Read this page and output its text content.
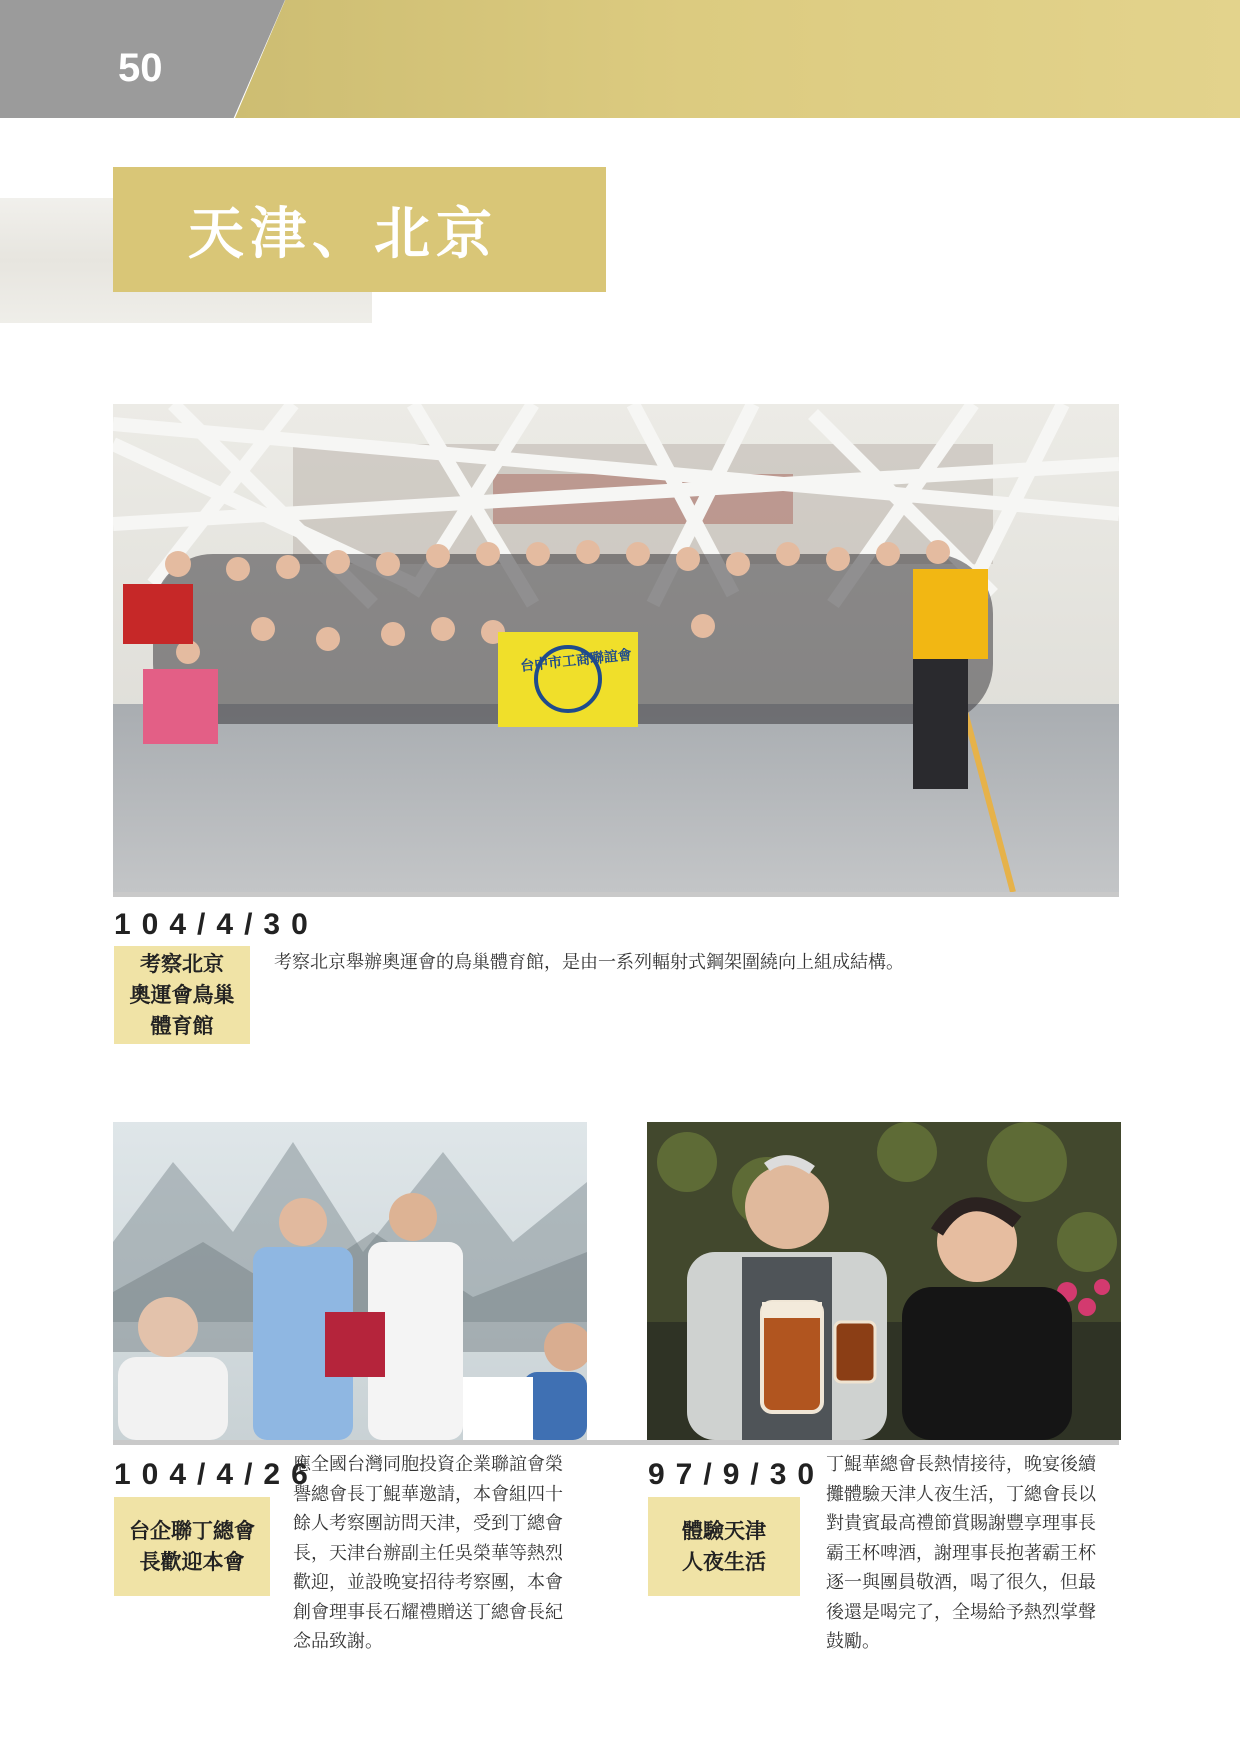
50
天津、北京
104/4/30
考察北京
奧運會鳥巢
體育館
考察北京舉辦奧運會的鳥巢體育館，是由一系列輻射式鋼架圍繞向上組成結構。
104/4/26
台企聯丁總會
長歡迎本會
應全國台灣同胞投資企業聯誼會榮
譽總會長丁鯤華邀請，本會組四十
餘人考察團訪問天津，受到丁總會
長，天津台辦副主任吳榮華等熱烈
歡迎，並設晚宴招待考察團，本會
創會理事長石耀禮贈送丁總會長紀
念品致謝。
97/9/30
體驗天津
人夜生活
丁鯤華總會長熱情接待，晚宴後續
攤體驗天津人夜生活，丁總會長以
對貴賓最高禮節賞賜謝豐享理事長
霸王杯啤酒，謝理事長抱著霸王杯
逐一與團員敬酒，喝了很久，但最
後還是喝完了，全場給予熱烈掌聲
鼓勵。
台中市工商聯誼會
